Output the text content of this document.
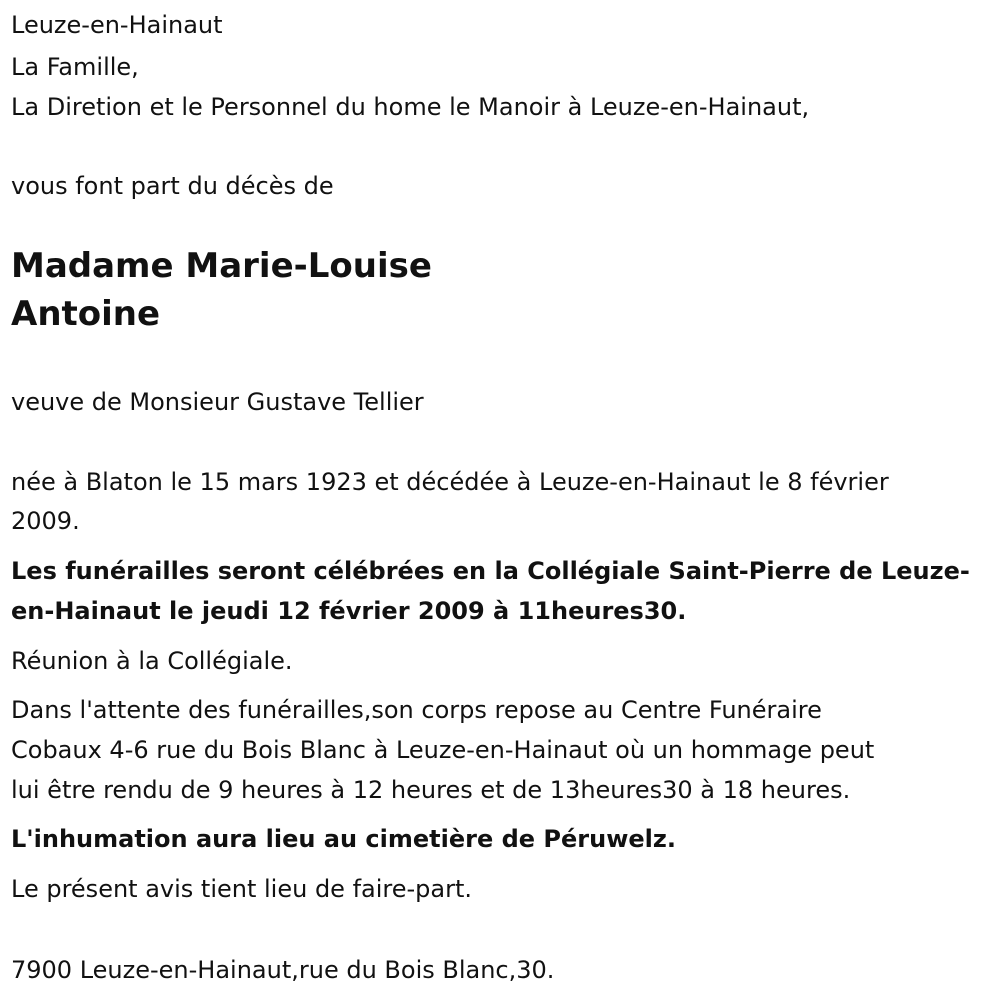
Leuze-en-Hainaut
La Famille,
La Diretion et le Personnel du home le Manoir à Leuze-en-Hainaut,
vous font part du décès de
Madame Marie-Louise
Antoine
veuve de Monsieur Gustave Tellier
née à Blaton le 15 mars 1923 et décédée à Leuze-en-Hainaut le 8 février
2009.
Les funérailles seront célébrées en la Collégiale Saint-Pierre de Leuze-
en-Hainaut le jeudi 12 février 2009 à 11heures30.
Réunion à la Collégiale.
Dans l'attente des funérailles,son corps repose au Centre Funéraire
Cobaux 4-6 rue du Bois Blanc à Leuze-en-Hainaut où un hommage peut
lui être rendu de 9 heures à 12 heures et de 13heures30 à 18 heures.
L'inhumation aura lieu au cimetière de Péruwelz.
Le présent avis tient lieu de faire-part.
7900 Leuze-en-Hainaut,rue du Bois Blanc,30.
